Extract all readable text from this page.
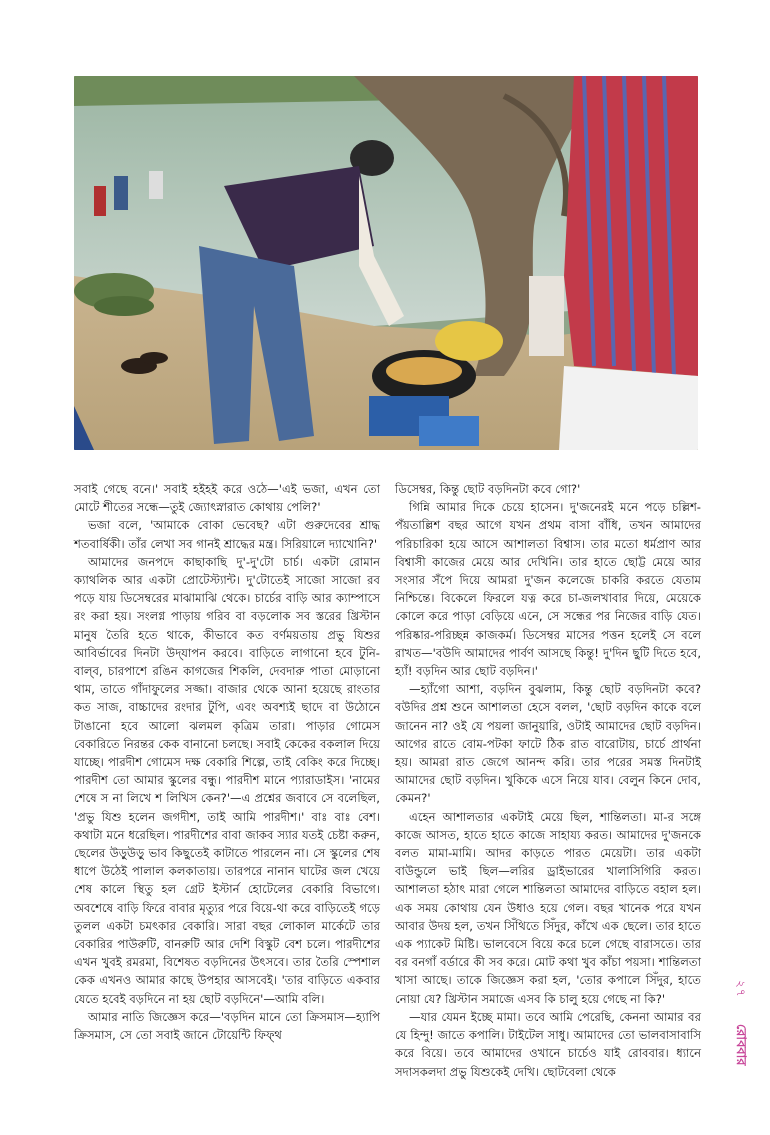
সবাই গেছে বনে।' সবাই হইহই করে ওঠে—'এই ভজা, এখন তো মোটে শীতের সন্ধে—তুই জ্যোৎস্নারাত কোথায় পেলি?'

ভজা বলে, 'আমাকে বোকা ভেবেছ? এটা গুরুদেবের শ্রাদ্ধ শতবার্ষিকী। তাঁর লেখা সব গানই শ্রাদ্ধের মন্ত্র। সিরিয়ালে দ্যাখোনি?'

আমাদের জনপদে কাছাকাছি দু'-দু'টো চার্চ। একটা রোমান ক্যাথলিক আর একটা প্রোটেস্ট্যান্ট। দু'টোতেই সাজো সাজো রব পড়ে যায় ডিসেম্বরের মাঝামাঝি থেকে। চার্চের বাড়ি আর ক্যাম্পাসে রং করা হয়। সংলগ্ন পাড়ায় গরিব বা বড়লোক সব স্তরের খ্রিস্টান মানুষ তৈরি হতে থাকে, কীভাবে কত বর্ণময়তায় প্রভু যিশুর আবির্ভাবের দিনটা উদ্‌যাপন করবে। বাড়িতে লাগানো হবে টুনি-বাল্‌ব, চারপাশে রঙিন কাগজের শিকলি, দেবদারু পাতা মোড়ানো থাম, তাতে গাঁদাফুলের সজ্জা। বাজার থেকে আনা হয়েছে রাংতার কত সাজ, বাচ্চাদের রংদার টুপি, এবং অবশ্যই ছাদে বা উঠোনে টাঙানো হবে আলো ঝলমল কৃত্রিম তারা। পাড়ার গোমেস বেকারিতে নিরন্তর কেক বানানো চলছে। সবাই কেকের বকলাল দিয়ে যাচ্ছে। পারদীশ গোমেস দক্ষ বেকারি শিল্পে, তাই বেকিং করে দিচ্ছে। পারদীশ তো আমার স্কুলের বন্ধু। পারদীশ মানে প্যারাডাইস। 'নামের শেষে স না লিখে শ লিখিস কেন?'—এ প্রশ্নের জবাবে সে বলেছিল, 'প্রভু যিশু হলেন জগদীশ, তাই আমি পারদীশ।' বাঃ বাঃ বেশ। কথাটা মনে ধরেছিল। পারদীশের বাবা জাকব স্যার যতই চেষ্টা করুন, ছেলের উড়ুউড়ু ভাব কিছুতেই কাটাতে পারলেন না। সে স্কুলের শেষ ধাপে উঠেই পালাল কলকাতায়। তারপরে নানান ঘাটের জল খেয়ে শেষ কালে স্থিতু হল গ্রেট ইস্টার্ন হোটেলের বেকারি বিভাগে। অবশেষে বাড়ি ফিরে বাবার মৃত্যুর পরে বিয়ে-থা করে বাড়িতেই গড়ে তুলল একটা চমৎকার বেকারি। সারা বছর লোকাল মার্কেটে তার বেকারির পাউরুটি, বানরুটি আর দেশি বিস্কুট বেশ চলে। পারদীশের এখন খুবই রমরমা, বিশেষত বড়দিনের উৎসবে। তার তৈরি স্পেশাল কেক এখনও আমার কাছে উপহার আসবেই। 'তার বাড়িতে একবার যেতে হবেই বড়দিনে না হয় ছোট বড়দিনে'—আমি বলি।

আমার নাতি জিজ্ঞেস করে—'বড়দিন মানে তো ক্রিসমাস—হ্যাপি ক্রিসমাস, সে তো সবাই জানে টোয়েন্টি ফিফ্‌থ

ডিসেম্বর, কিন্তু ছোট বড়দিনটা কবে গো?'

গিন্নি আমার দিকে চেয়ে হাসেন। দু'জনেরই মনে পড়ে চল্লিশ-পঁয়তাল্লিশ বছর আগে যখন প্রথম বাসা বাঁধি, তখন আমাদের পরিচারিকা হয়ে আসে আশালতা বিশ্বাস। তার মতো ধর্মপ্রাণ আর বিশ্বাসী কাজের মেয়ে আর দেখিনি। তার হাতে ছোট্ট মেয়ে আর সংসার সঁপে দিয়ে আমরা দু'জন কলেজে চাকরি করতে যেতাম নিশ্চিন্তে। বিকেলে ফিরলে যত্ন করে চা-জলখাবার দিয়ে, মেয়েকে কোলে করে পাড়া বেড়িয়ে এনে, সে সন্ধের পর নিজের বাড়ি যেত। পরিষ্কার-পরিচ্ছন্ন কাজকর্ম। ডিসেম্বর মাসের পত্তন হলেই সে বলে রাখত—'বউদি আমাদের পার্বণ আসছে কিন্তু! দু'দিন ছুটি দিতে হবে, হ্যাঁ! বড়দিন আর ছোট বড়দিন।'

—হ্যাঁগো আশা, বড়দিন বুঝলাম, কিন্তু ছোট বড়দিনটা কবে? বউদির প্রশ্ন শুনে আশালতা হেসে বলল, 'ছোট বড়দিন কাকে বলে জানেন না? ওই যে পয়লা জানুয়ারি, ওটাই আমাদের ছোট বড়দিন। আগের রাতে বোম-পটকা ফাটে ঠিক রাত বারোটায়, চার্চে প্রার্থনা হয়। আমরা রাত জেগে আনন্দ করি। তার পরের সমস্ত দিনটাই আমাদের ছোট বড়দিন। খুকিকে এসে নিয়ে যাব। বেলুন কিনে দোব, কেমন?'

এহেন আশালতার একটাই মেয়ে ছিল, শান্তিলতা। মা-র সঙ্গে কাজে আসত, হাতে হাতে কাজে সাহায্য করত। আমাদের দু'জনকে বলত মামা-মামি। আদর কাড়তে পারত মেয়েটা। তার একটা বাউন্ডুলে ভাই ছিল—লরির ড্রাইভারের খালাসিগিরি করত। আশালতা হঠাৎ মারা গেলে শান্তিলতা আমাদের বাড়িতে বহাল হল। এক সময় কোথায় যেন উধাও হয়ে গেল। বছর খানেক পরে যখন আবার উদয় হল, তখন সিঁথিতে সিঁদুর, কাঁখে এক ছেলে। তার হাতে এক প্যাকেট মিষ্টি। ভালবেসে বিয়ে করে চলে গেছে বারাসতে। তার বর বনগাঁ বর্ডারে কী সব করে। মোট কথা খুব কাঁচা পয়সা। শান্তিলতা খাসা আছে। তাকে জিজ্ঞেস করা হল, 'তোর কপালে সিঁদুর, হাতে নোয়া যে? খ্রিস্টান সমাজে এসব কি চালু হয়ে গেছে না কি?'

—যার যেমন ইচ্ছে মামা। তবে আমি পেরেছি, কেননা আমার বর যে হিন্দু! জাতে কপালি। টাইটেল সাধু। আমাদের তো ভালবাসাবাসি করে বিয়ে। তবে আমাদের ওখানে চার্চেও যাই রোববার। ধ্যানে সদাসকলদা প্রভু যিশুকেই দেখি। ছোটবেলা থেকে

২৭
রোববার
